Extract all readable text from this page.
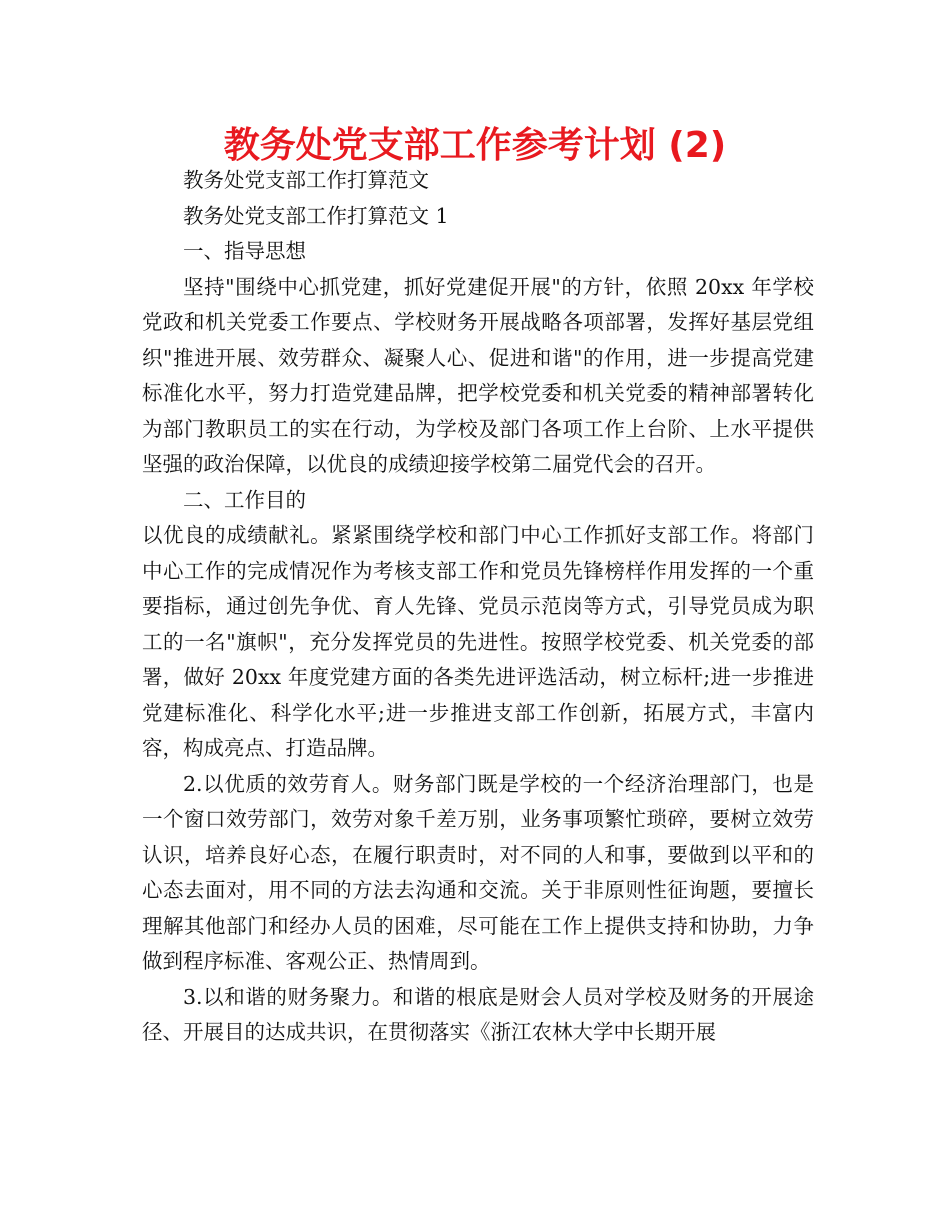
教务处党支部工作参考计划 (2)

教务处党支部工作打算范文

教务处党支部工作打算范文 1

一、指导思想

坚持"围绕中心抓党建，抓好党建促开展"的方针，依照 20xx 年学校党政和机关党委工作要点、学校财务开展战略各项部署，发挥好基层党组织"推进开展、效劳群众、凝聚人心、促进和谐"的作用，进一步提高党建标准化水平，努力打造党建品牌，把学校党委和机关党委的精神部署转化为部门教职员工的实在行动，为学校及部门各项工作上台阶、上水平提供坚强的政治保障，以优良的成绩迎接学校第二届党代会的召开。

二、工作目的

以优良的成绩献礼。紧紧围绕学校和部门中心工作抓好支部工作。将部门中心工作的完成情况作为考核支部工作和党员先锋榜样作用发挥的一个重要指标，通过创先争优、育人先锋、党员示范岗等方式，引导党员成为职工的一名"旗帜"，充分发挥党员的先进性。按照学校党委、机关党委的部署，做好 20xx 年度党建方面的各类先进评选活动，树立标杆;进一步推进党建标准化、科学化水平;进一步推进支部工作创新，拓展方式，丰富内容，构成亮点、打造品牌。

2.以优质的效劳育人。财务部门既是学校的一个经济治理部门，也是一个窗口效劳部门，效劳对象千差万别，业务事项繁忙琐碎，要树立效劳认识，培养良好心态，在履行职责时，对不同的人和事，要做到以平和的心态去面对，用不同的方法去沟通和交流。关于非原则性征询题，要擅长理解其他部门和经办人员的困难，尽可能在工作上提供支持和协助，力争做到程序标准、客观公正、热情周到。

3.以和谐的财务聚力。和谐的根底是财会人员对学校及财务的开展途径、开展目的达成共识，在贯彻落实《浙江农林大学中长期开展
